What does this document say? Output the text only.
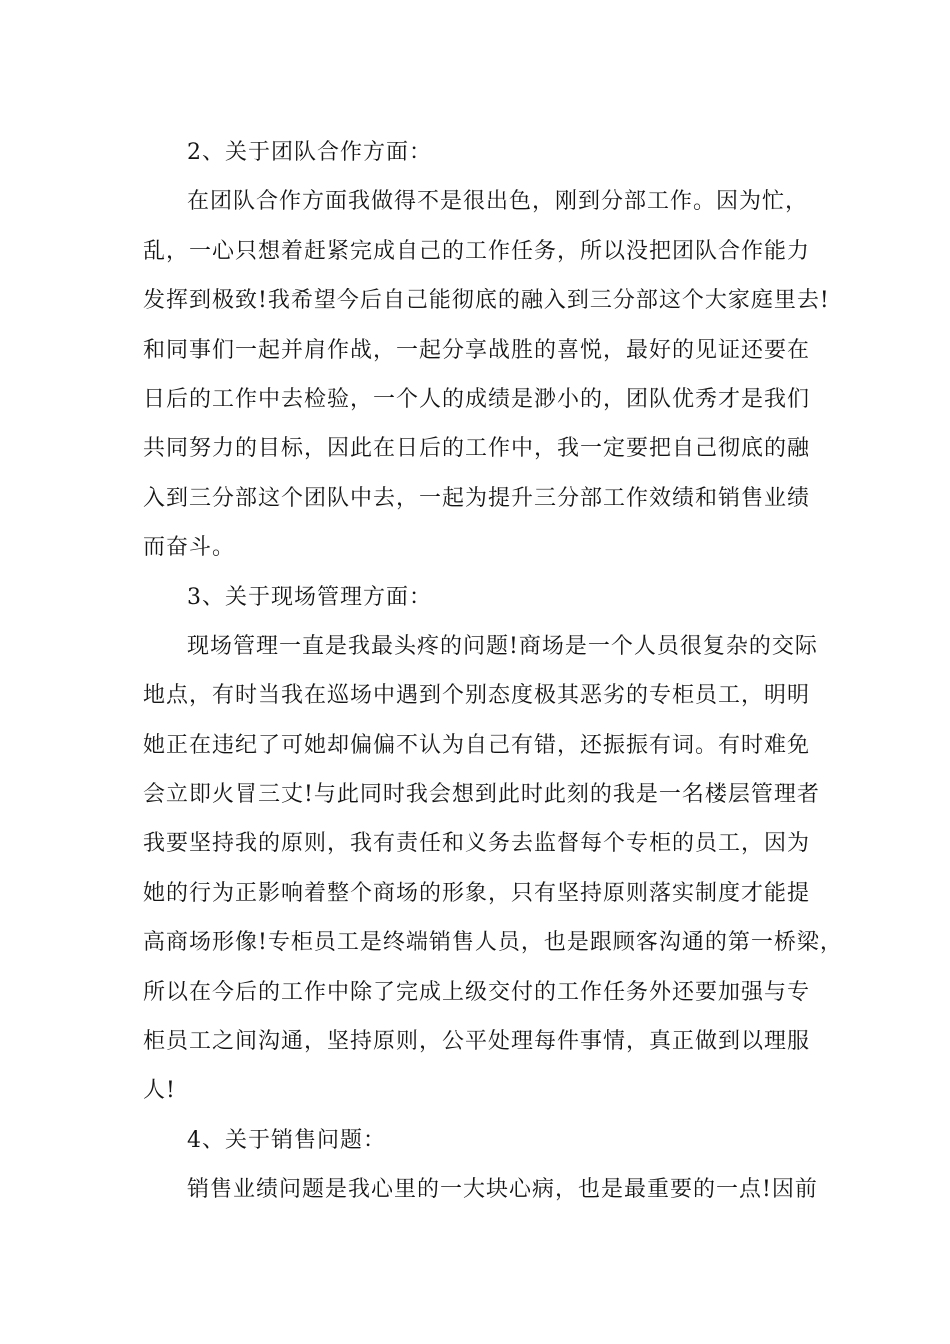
2、关于团队合作方面：
在团队合作方面我做得不是很出色，刚到分部工作。因为忙，
乱，一心只想着赶紧完成自己的工作任务，所以没把团队合作能力
发挥到极致!我希望今后自己能彻底的融入到三分部这个大家庭里去!
和同事们一起并肩作战，一起分享战胜的喜悦，最好的见证还要在
日后的工作中去检验，一个人的成绩是渺小的，团队优秀才是我们
共同努力的目标，因此在日后的工作中，我一定要把自己彻底的融
入到三分部这个团队中去，一起为提升三分部工作效绩和销售业绩
而奋斗。
3、关于现场管理方面：
现场管理一直是我最头疼的问题!商场是一个人员很复杂的交际
地点，有时当我在巡场中遇到个别态度极其恶劣的专柜员工，明明
她正在违纪了可她却偏偏不认为自己有错，还振振有词。有时难免
会立即火冒三丈!与此同时我会想到此时此刻的我是一名楼层管理者
我要坚持我的原则，我有责任和义务去监督每个专柜的员工，因为
她的行为正影响着整个商场的形象，只有坚持原则落实制度才能提
高商场形像!专柜员工是终端销售人员，也是跟顾客沟通的第一桥梁，
所以在今后的工作中除了完成上级交付的工作任务外还要加强与专
柜员工之间沟通，坚持原则，公平处理每件事情，真正做到以理服
人!
4、关于销售问题：
销售业绩问题是我心里的一大块心病，也是最重要的一点!因前
